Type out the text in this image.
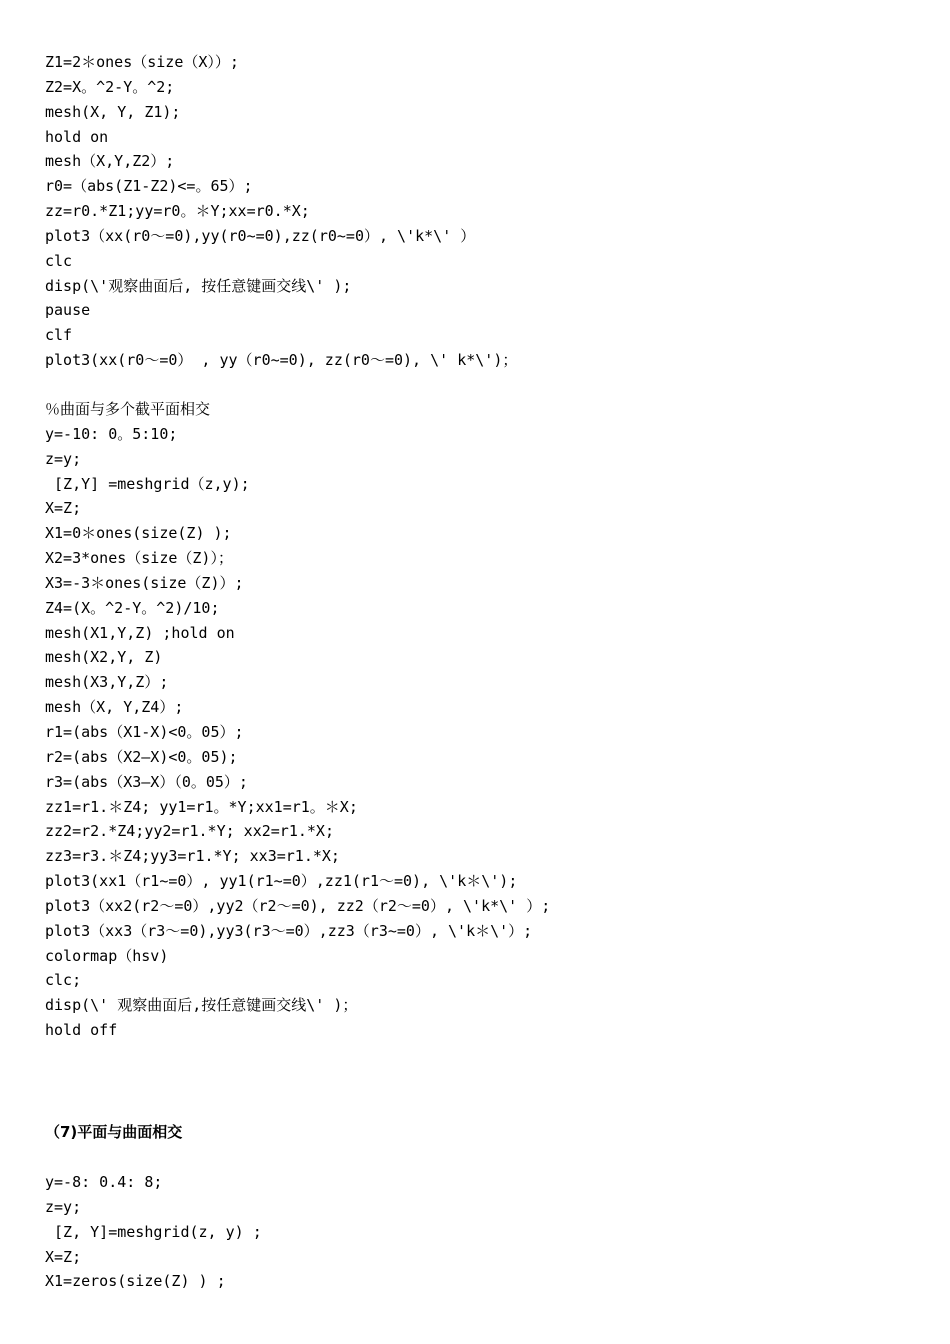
Z1=2＊ones（size（X））;
Z2=X。^2-Y。^2;
mesh(X, Y, Z1);
hold on
mesh（X,Y,Z2）;
r0=（abs(Z1-Z2)<=。65）;
zz=r0.*Z1;yy=r0。＊Y;xx=r0.*X;
plot3（xx(r0～=0),yy(r0~=0),zz(r0~=0）, \'k*\' ）
clc
disp(\'观察曲面后, 按任意键画交线\' );
pause
clf
plot3(xx(r0～=0） , yy（r0~=0), zz(r0～=0), \' k*\')；
％曲面与多个截平面相交
y=-10: 0。5:10;
z=y;
[Z,Y] =meshgrid（z,y);
X=Z;
X1=0＊ones(size(Z) );
X2=3*ones（size（Z)）；
X3=-3＊ones(size（Z)）;
Z4=(X。^2-Y。^2)/10;
mesh(X1,Y,Z) ;hold on
mesh(X2,Y, Z)
mesh(X3,Y,Z）;
mesh（X, Y,Z4）;
r1=(abs（X1-X)<0。05）;
r2=(abs（X2—X)<0。05);
r3=(abs（X3—X）（0。05）;
zz1=r1.＊Z4; yy1=r1。*Y;xx1=r1。＊X;
zz2=r2.*Z4;yy2=r1.*Y; xx2=r1.*X;
zz3=r3.＊Z4;yy3=r1.*Y; xx3=r1.*X;
plot3(xx1（r1~=0）, yy1(r1~=0）,zz1(r1～=0), \'k＊\');
plot3（xx2(r2～=0）,yy2（r2～=0), zz2（r2～=0）, \'k*\' ）;
plot3（xx3（r3～=0),yy3(r3～=0）,zz3（r3~=0）, \'k＊\'）;
colormap（hsv)
clc;
disp(\' 观察曲面后,按任意键画交线\' )；
hold off
（7)平面与曲面相交
y=-8: 0.4: 8;
z=y;
[Z, Y]=meshgrid(z, y) ;
X=Z;
X1=zeros(size(Z) ) ;
